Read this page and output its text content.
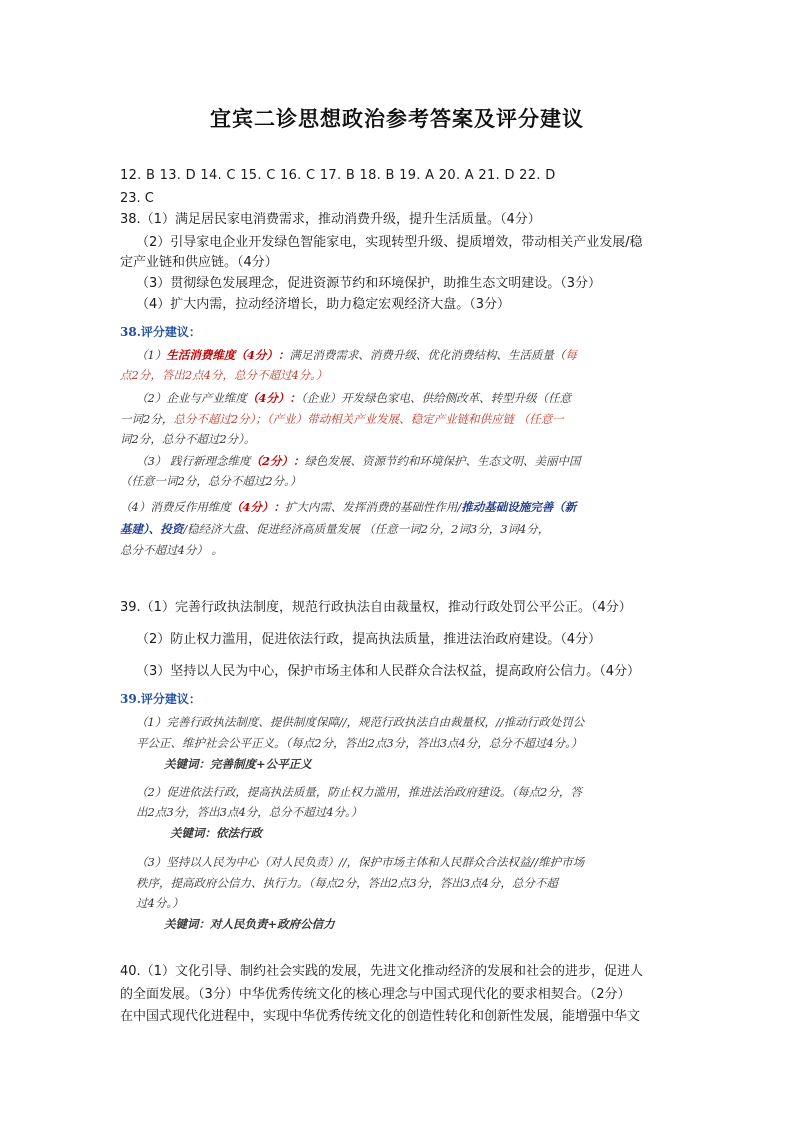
宜宾二诊思想政治参考答案及评分建议
12. B 13. D 14. C 15. C 16. C 17. B 18. B 19. A 20. A 21. D 22. D
23. C
38.（1）满足居民家电消费需求，推动消费升级，提升生活质量。（4分）
（2）引导家电企业开发绿色智能家电，实现转型升级、提质增效，带动相关产业发展/稳
定产业链和供应链。（4分）
（3）贯彻绿色发展理念，促进资源节约和环境保护，助推生态文明建设。（3分）
（4）扩大内需，拉动经济增长，助力稳定宏观经济大盘。（3分）
38.评分建议：
（1）生活消费维度（4分）：满足消费需求、消费升级、优化消费结构、生活质量（每
点2分，答出2点4分，总分不超过4分。）
（2）企业与产业维度（4分）：（企业）开发绿色家电、供给侧改革、转型升级（任意
一词2分，总分不超过2分）；（产业）带动相关产业发展、稳定产业链和供应链 （任意一
词2分，总分不超过2分）。
（3） 践行新理念维度（2分）：绿色发展、资源节约和环境保护、生态文明、美丽中国
（任意一词2分，总分不超过2分。）
（4）消费反作用维度（4分）：扩大内需、发挥消费的基础性作用/推动基础设施完善（新
基建）、投资/稳经济大盘、促进经济高质量发展 （任意一词2分，2词3分，3词4分，
总分不超过4分） 。
39.（1）完善行政执法制度，规范行政执法自由裁量权，推动行政处罚公平公正。（4分）
（2）防止权力滥用，促进依法行政，提高执法质量，推进法治政府建设。（4分）
（3）坚持以人民为中心，保护市场主体和人民群众合法权益，提高政府公信力。（4分）
39.评分建议：
（1）完善行政执法制度、提供制度保障//，规范行政执法自由裁量权，//推动行政处罚公
平公正、维护社会公平正义。（每点2分，答出2点3分，答出3点4分，总分不超过4分。）
关键词：完善制度+公平正义
（2）促进依法行政，提高执法质量，防止权力滥用，推进法治政府建设。（每点2分，答
出2点3分，答出3点4分，总分不超过4分。）
关键词：依法行政
（3）坚持以人民为中心（对人民负责）//，保护市场主体和人民群众合法权益//维护市场
秩序，提高政府公信力、执行力。（每点2分，答出2点3分，答出3点4分，总分不超
过4分。）
关键词：对人民负责+政府公信力
40.（1）文化引导、制约社会实践的发展，先进文化推动经济的发展和社会的进步，促进人
的全面发展。（3分）中华优秀传统文化的核心理念与中国式现代化的要求相契合。（2分）
在中国式现代化进程中，实现中华优秀传统文化的创造性转化和创新性发展，能增强中华文
